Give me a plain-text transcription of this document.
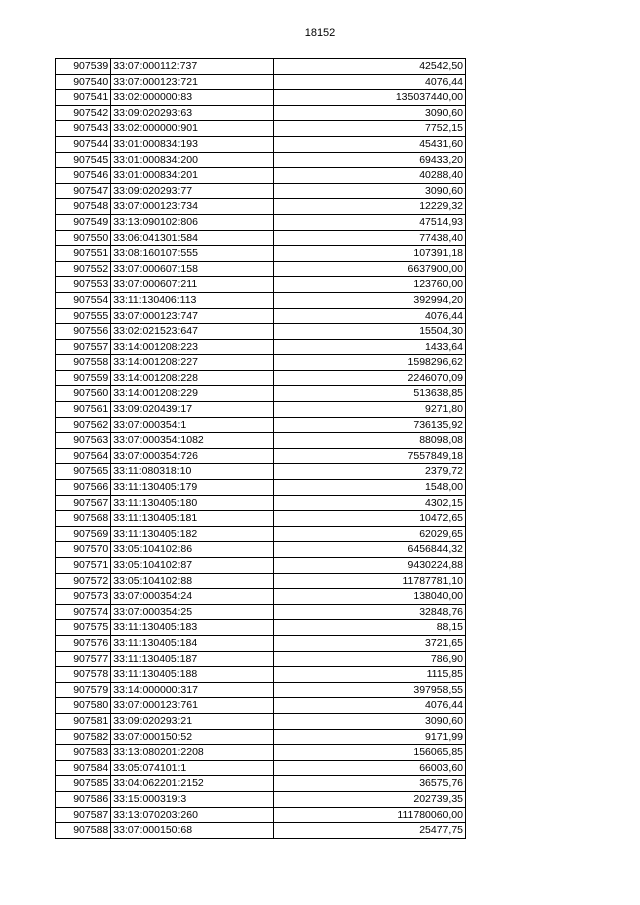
18152
907539	33:07:000112:737	42542,50
907540	33:07:000123:721	4076,44
907541	33:02:000000:83	135037440,00
907542	33:09:020293:63	3090,60
907543	33:02:000000:901	7752,15
907544	33:01:000834:193	45431,60
907545	33:01:000834:200	69433,20
907546	33:01:000834:201	40288,40
907547	33:09:020293:77	3090,60
907548	33:07:000123:734	12229,32
907549	33:13:090102:806	47514,93
907550	33:06:041301:584	77438,40
907551	33:08:160107:555	107391,18
907552	33:07:000607:158	6637900,00
907553	33:07:000607:211	123760,00
907554	33:11:130406:113	392994,20
907555	33:07:000123:747	4076,44
907556	33:02:021523:647	15504,30
907557	33:14:001208:223	1433,64
907558	33:14:001208:227	1598296,62
907559	33:14:001208:228	2246070,09
907560	33:14:001208:229	513638,85
907561	33:09:020439:17	9271,80
907562	33:07:000354:1	736135,92
907563	33:07:000354:1082	88098,08
907564	33:07:000354:726	7557849,18
907565	33:11:080318:10	2379,72
907566	33:11:130405:179	1548,00
907567	33:11:130405:180	4302,15
907568	33:11:130405:181	10472,65
907569	33:11:130405:182	62029,65
907570	33:05:104102:86	6456844,32
907571	33:05:104102:87	9430224,88
907572	33:05:104102:88	11787781,10
907573	33:07:000354:24	138040,00
907574	33:07:000354:25	32848,76
907575	33:11:130405:183	88,15
907576	33:11:130405:184	3721,65
907577	33:11:130405:187	786,90
907578	33:11:130405:188	1115,85
907579	33:14:000000:317	397958,55
907580	33:07:000123:761	4076,44
907581	33:09:020293:21	3090,60
907582	33:07:000150:52	9171,99
907583	33:13:080201:2208	156065,85
907584	33:05:074101:1	66003,60
907585	33:04:062201:2152	36575,76
907586	33:15:000319:3	202739,35
907587	33:13:070203:260	111780060,00
907588	33:07:000150:68	25477,75
